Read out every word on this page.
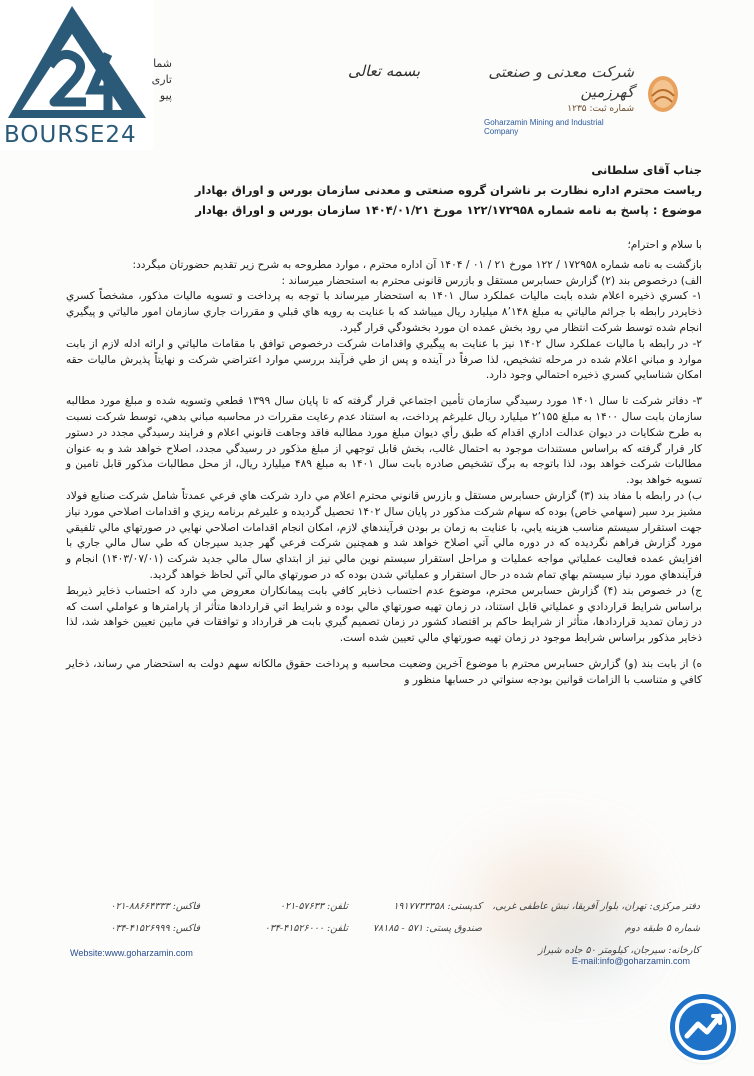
BOURSE24
شما
تاری
پیو
بسمه تعالی	شرکت معدنی و صنعتی گهرزمین
شماره ثبت: ۱۲۳۵
Goharzamin Mining and Industrial Company
جناب آقای سلطانی
ریاست محترم اداره نظارت بر ناشران گروه صنعتی و معدنی سازمان بورس و اوراق بهادار
موضوع : پاسخ به نامه شماره ۱۲۲/۱۷۲۹۵۸ مورخ ۱۴۰۴/۰۱/۲۱ سازمان بورس و اوراق بهادار

با سلام و احترام؛

بازگشت به نامه شماره ۱۷۲۹۵۸ / ۱۲۲ مورخ ۲۱ / ۰۱ / ۱۴۰۴ آن اداره محترم ، موارد مطروحه به شرح زیر تقدیم حضورتان میگردد:

الف) درخصوص بند (۲) گزارش حسابرس مستقل و بازرس قانونی محترم به استحضار میرساند :

۱- کسري ذخیره اعلام شده بابت ماليات عملکرد سال ۱۴۰۱ به استحضار میرساند با توجه به پرداخت و تسويه ماليات مذکور، مشخصاً کسري ذخایردر رابطه با جرائم مالیاتي به مبلغ ۸٬۱۴۸ ميليارد ريال میباشد که با عنايت به رويه هاي قبلي و مقررات جاري سازمان امور مالیاتي و پیگیري انجام شده توسط شرکت انتظار مي رود بخش عمده ان مورد بخشودگي قرار گيرد.

۲- در رابطه با ماليات عملکرد سال ۱۴۰۲ نيز با عنايت به پيگيري واقدامات شرکت درخصوص توافق با مقامات مالياتي و ارائه ادله لازم از بابت موارد و مباني اعلام شده در مرحله تشخيص، لذا صرفاً در آينده و پس از طي فرآيند بررسي موارد اعتراضي شرکت و نهايتاً پذيرش ماليات حقه امکان شناسايي کسري ذخيره احتمالي وجود دارد.

۳- دفاتر شرکت تا سال ۱۴۰۱ مورد رسيدگي سازمان تأمين اجتماعي قرار گرفته كه تا پايان سال ۱۳۹۹ قطعي وتسويه شده و مبلغ مورد مطالبه سازمان بابت سال ۱۴۰۰ به مبلغ ۲٬۱۵۵ ميليارد ريال عليرغم پرداخت، به استناد عدم رعايت مقررات در محاسبه مباني بدهي، توسط شرکت نسبت به طرح شکايات در ديوان عدالت اداري اقدام كه طبق رأي ديوان مبلغ مورد مطالبه فاقد وجاهت قانوني اعلام و فرايند رسيدگي مجدد در دستور کار قرار گرفته که براساس مستندات موجود به احتمال غالب، بخش قابل توجهي از مبلغ مذکور در رسيدگي مجدد، اصلاح خواهد شد و به عنوان مطالبات شرکت خواهد بود، لذا باتوجه به برگ تشخيص صادره بابت سال ۱۴۰۱ به مبلغ ۴۸۹ ميليارد ريال، از محل مطالبات مذکور قابل تامين و تسويه خواهد بود.

ب) در رابطه با مفاد بند (۳) گزارش حسابرس مستقل و بازرس قانوني محترم اعلام مي دارد شرکت هاي فرعي عمدتاً شامل شرکت صنايع فولاد مشيز برد سير (سهامي خاص) بوده که سهام شرکت مذکور در پايان سال ۱۴۰۲ تحصيل گرديده و عليرغم برنامه ريزي و اقدامات اصلاحي مورد نياز جهت استقرار سيستم مناسب هزينه يابي، با عنايت به زمان بر بودن فرآيندهاي لازم، امکان انجام اقدامات اصلاحي نهايي در صورتهاي مالي تلفيقي مورد گزارش فراهم نگرديده که در دوره مالي آتي اصلاح خواهد شد و همچنين شرکت فرعي گهر جديد سيرجان که طي سال مالي جاري با افزايش عمده فعاليت عملياتي مواجه عمليات و مراحل استقرار سيستم نوين مالي نيز از ابتداي سال مالي جديد شرکت (۱۴۰۳/۰۷/۰۱) انجام و فرآيندهاي مورد نياز سيستم بهاي تمام شده در حال استقرار و عملياتي شدن بوده که در صورتهاي مالي آتي لحاظ خواهد گرديد.

ج) در خصوص بند (۴) گزارش حسابرس محترم، موضوع عدم احتساب ذخاير کافي بابت پيمانکاران معروض مي دارد که احتساب ذخاير ذيربط براساس شرايط قراردادي و عملياتي قابل استناد، در زمان تهيه صورتهاي مالي بوده و شرايط اتي قراردادها متأثر از پارامترها و عواملي است که در زمان تمديد قراردادها، متأثر از شرايط حاکم بر اقتصاد کشور در زمان تصميم گيري بابت هر قرارداد و توافقات في مابين تعيين خواهد شد، لذا ذخاير مذکور براساس شرايط موجود در زمان تهيه صورتهاي مالي تعيين شده است.

ه) از بابت بند (و) گزارش حسابرس محترم با موضوع آخرين وضعيت محاسبه و پرداخت حقوق مالکانه سهم دولت به استحضار مي رساند، ذخاير کافي و متناسب با الزامات قوانين بودجه سنواتي در حسابها منظور و

دفتر مرکزی: تهران، بلوار آفریقا، نبش عاطفی غربی، شماره ۵ طبقه دوم
کارخانه: سیرجان، کیلومتر ۵۰ جاده شیراز
کدپستی: ۱۹۱۷۷۳۳۳۵۸
صندوق پستی: ۵۷۱ - ۷۸۱۸۵
تلفن: ۵۷۶۳۳-۰۲۱
تلفن: ۴۱۵۲۶۰۰۰-۰۳۴
فاکس: ۸۸۶۶۴۳۳۳-۰۲۱
فاکس: ۴۱۵۲۶۹۹۹-۰۳۴
Website:www.goharzamin.com
E-mail:info@goharzamin.com
